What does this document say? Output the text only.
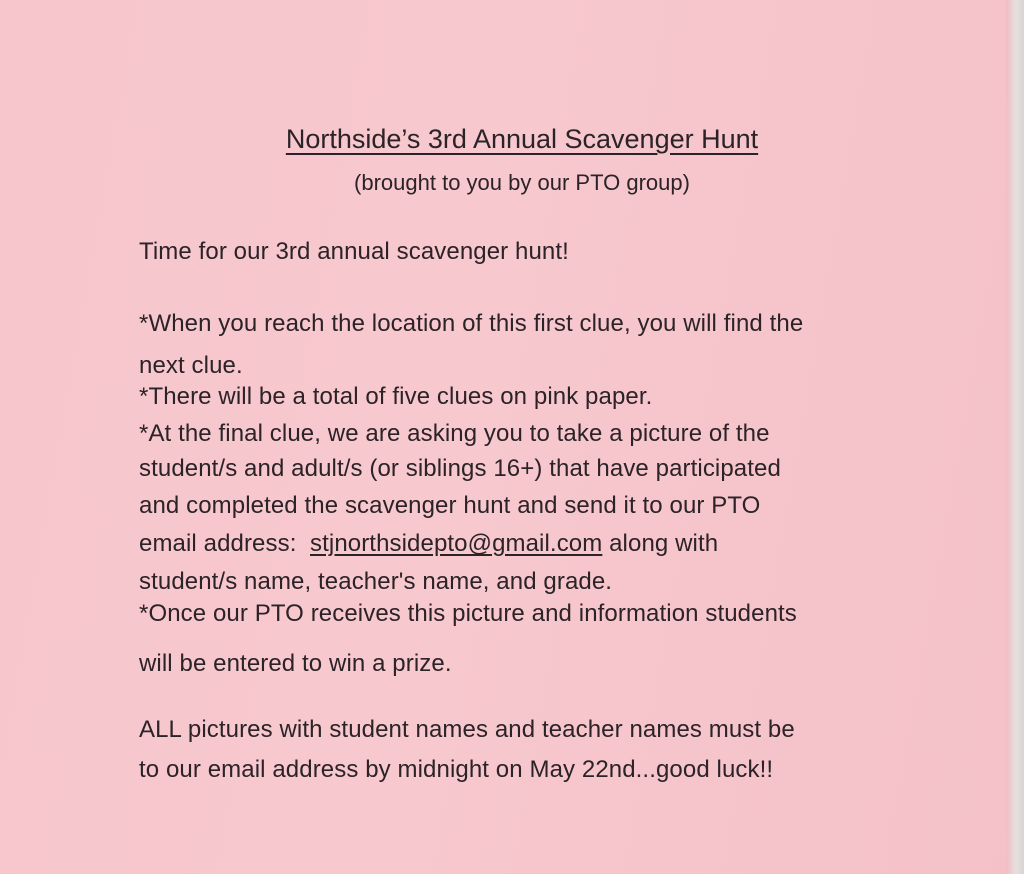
Northside’s 3rd Annual Scavenger Hunt
(brought to you by our PTO group)
Time for our 3rd annual scavenger hunt!
*When you reach the location of this first clue, you will find the
next clue.
*There will be a total of five clues on pink paper.
*At the final clue, we are asking you to take a picture of the
student/s and adult/s (or siblings 16+) that have participated
and completed the scavenger hunt and send it to our PTO
email address:  stjnorthsidepto@gmail.com along with
student/s name, teacher's name, and grade.
*Once our PTO receives this picture and information students
will be entered to win a prize.
ALL pictures with student names and teacher names must be
to our email address by midnight on May 22nd...good luck!!
